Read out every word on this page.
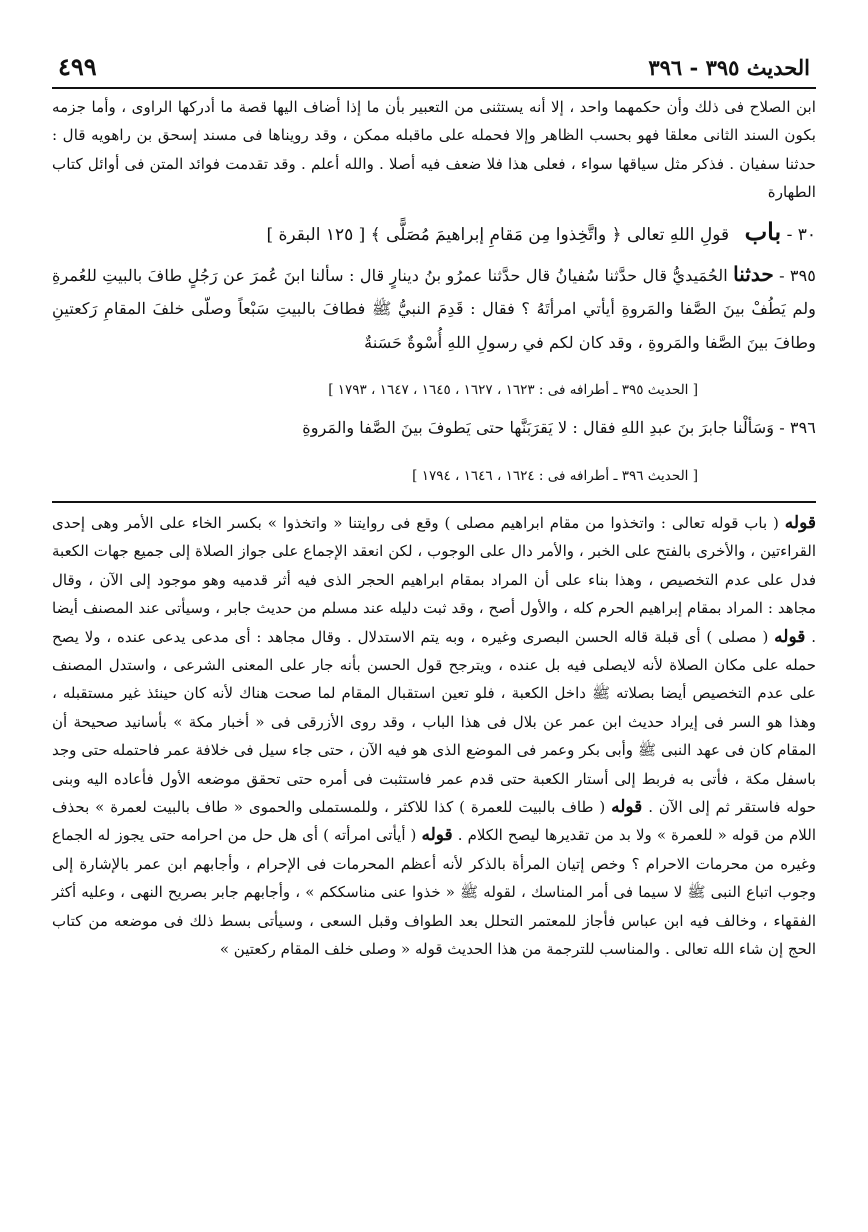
الحديث ٣٩٥ - ٣٩٦
٤٩٩

ابن الصلاح فى ذلك وأن حكمهما واحد ، إلا أنه يستثنى من التعبير بأن ما إذا أضاف اليها قصة ما أدركها الراوى ، وأما جزمه بكون السند الثانى معلقا فهو بحسب الظاهر وإلا فحمله على ماقبله ممكن ، وقد رويناها فى مسند إسحق بن راهويه قال : حدثنا سفيان . فذكر مثل سياقها سواء ، فعلى هذا فلا ضعف فيه أصلا . والله أعلم . وقد تقدمت فوائد المتن فى أوائل كتاب الطهارة

٣٠ - باب قولِ اللهِ تعالى ﴿ واتَّخِذوا مِن مَقامِ إبراهيمَ مُصَلًّى ﴾ [ ١٢٥ البقرة ]

٣٩٥ - حدثنا الحُمَيديُّ قال حدَّثنا سُفيانُ قال حدَّثنا عمرُو بنُ دينارٍ قال : سألنا ابنَ عُمرَ عن رَجُلٍ طافَ بالبيتِ للعُمرةِ ولم يَطُفْ بينَ الصَّفا والمَروةِ أيأتي امرأتَهُ ؟ فقال : قَدِمَ النبيُّ ﷺ فطافَ بالبيتِ سَبْعاً وصلّى خلفَ المقامِ رَكعتينِ وطافَ بينَ الصَّفا والمَروةِ ، وقد كان لكم في رسولِ اللهِ أُسْوةٌ حَسَنةٌ

[ الحديث ٣٩٥ ـ أطرافه فى : ١٦٢٣ ، ١٦٢٧ ، ١٦٤٥ ، ١٦٤٧ ، ١٧٩٣ ]

٣٩٦ - وَسَألْنا جابرَ بنَ عبدِ اللهِ فقال : لا يَقرَبَنَّها حتى يَطوفَ بينَ الصَّفا والمَروةِ

[ الحديث ٣٩٦ ـ أطرافه فى : ١٦٢٤ ، ١٦٤٦ ، ١٧٩٤ ]

قوله ( باب قوله تعالى : واتخذوا من مقام ابراهيم مصلى ) وقع فى روايتنا « واتخذوا » بكسر الخاء على الأمر وهى إحدى القراءتين ، والأخرى بالفتح على الخبر ، والأمر دال على الوجوب ، لكن انعقد الإجماع على جواز الصلاة إلى جميع جهات الكعبة فدل على عدم التخصيص ، وهذا بناء على أن المراد بمقام ابراهيم الحجر الذى فيه أثر قدميه وهو موجود إلى الآن ، وقال مجاهد : المراد بمقام إبراهيم الحرم كله ، والأول أصح ، وقد ثبت دليله عند مسلم من حديث جابر ، وسيأتى عند المصنف أيضا . قوله ( مصلى ) أى قبلة قاله الحسن البصرى وغيره ، وبه يتم الاستدلال . وقال مجاهد : أى مدعى يدعى عنده ، ولا يصح حمله على مكان الصلاة لأنه لايصلى فيه بل عنده ، ويترجح قول الحسن بأنه جار على المعنى الشرعى ، واستدل المصنف على عدم التخصيص أيضا بصلاته ﷺ داخل الكعبة ، فلو تعين استقبال المقام لما صحت هناك لأنه كان حينئذ غير مستقبله ، وهذا هو السر فى إيراد حديث ابن عمر عن بلال فى هذا الباب ، وقد روى الأزرقى فى « أخبار مكة » بأسانيد صحيحة أن المقام كان فى عهد النبى ﷺ وأبى بكر وعمر فى الموضع الذى هو فيه الآن ، حتى جاء سيل فى خلافة عمر فاحتمله حتى وجد باسفل مكة ، فأتى به فربط إلى أستار الكعبة حتى قدم عمر فاستثبت فى أمره حتى تحقق موضعه الأول فأعاده اليه وبنى حوله فاستقر ثم إلى الآن . قوله ( طاف بالبيت للعمرة ) كذا للاكثر ، وللمستملى والحموى « طاف بالبيت لعمرة » بحذف اللام من قوله « للعمرة » ولا بد من تقديرها ليصح الكلام . قوله ( أيأتى امرأته ) أى هل حل من احرامه حتى يجوز له الجماع وغيره من محرمات الاحرام ؟ وخص إتيان المرأة بالذكر لأنه أعظم المحرمات فى الإحرام ، وأجابهم ابن عمر بالإشارة إلى وجوب اتباع النبى ﷺ لا سيما فى أمر المناسك ، لقوله ﷺ « خذوا عنى مناسككم » ، وأجابهم جابر بصريح النهى ، وعليه أكثر الفقهاء ، وخالف فيه ابن عباس فأجاز للمعتمر التحلل بعد الطواف وقبل السعى ، وسيأتى بسط ذلك فى موضعه من كتاب الحج إن شاء الله تعالى . والمناسب للترجمة من هذا الحديث قوله « وصلى خلف المقام ركعتين »
